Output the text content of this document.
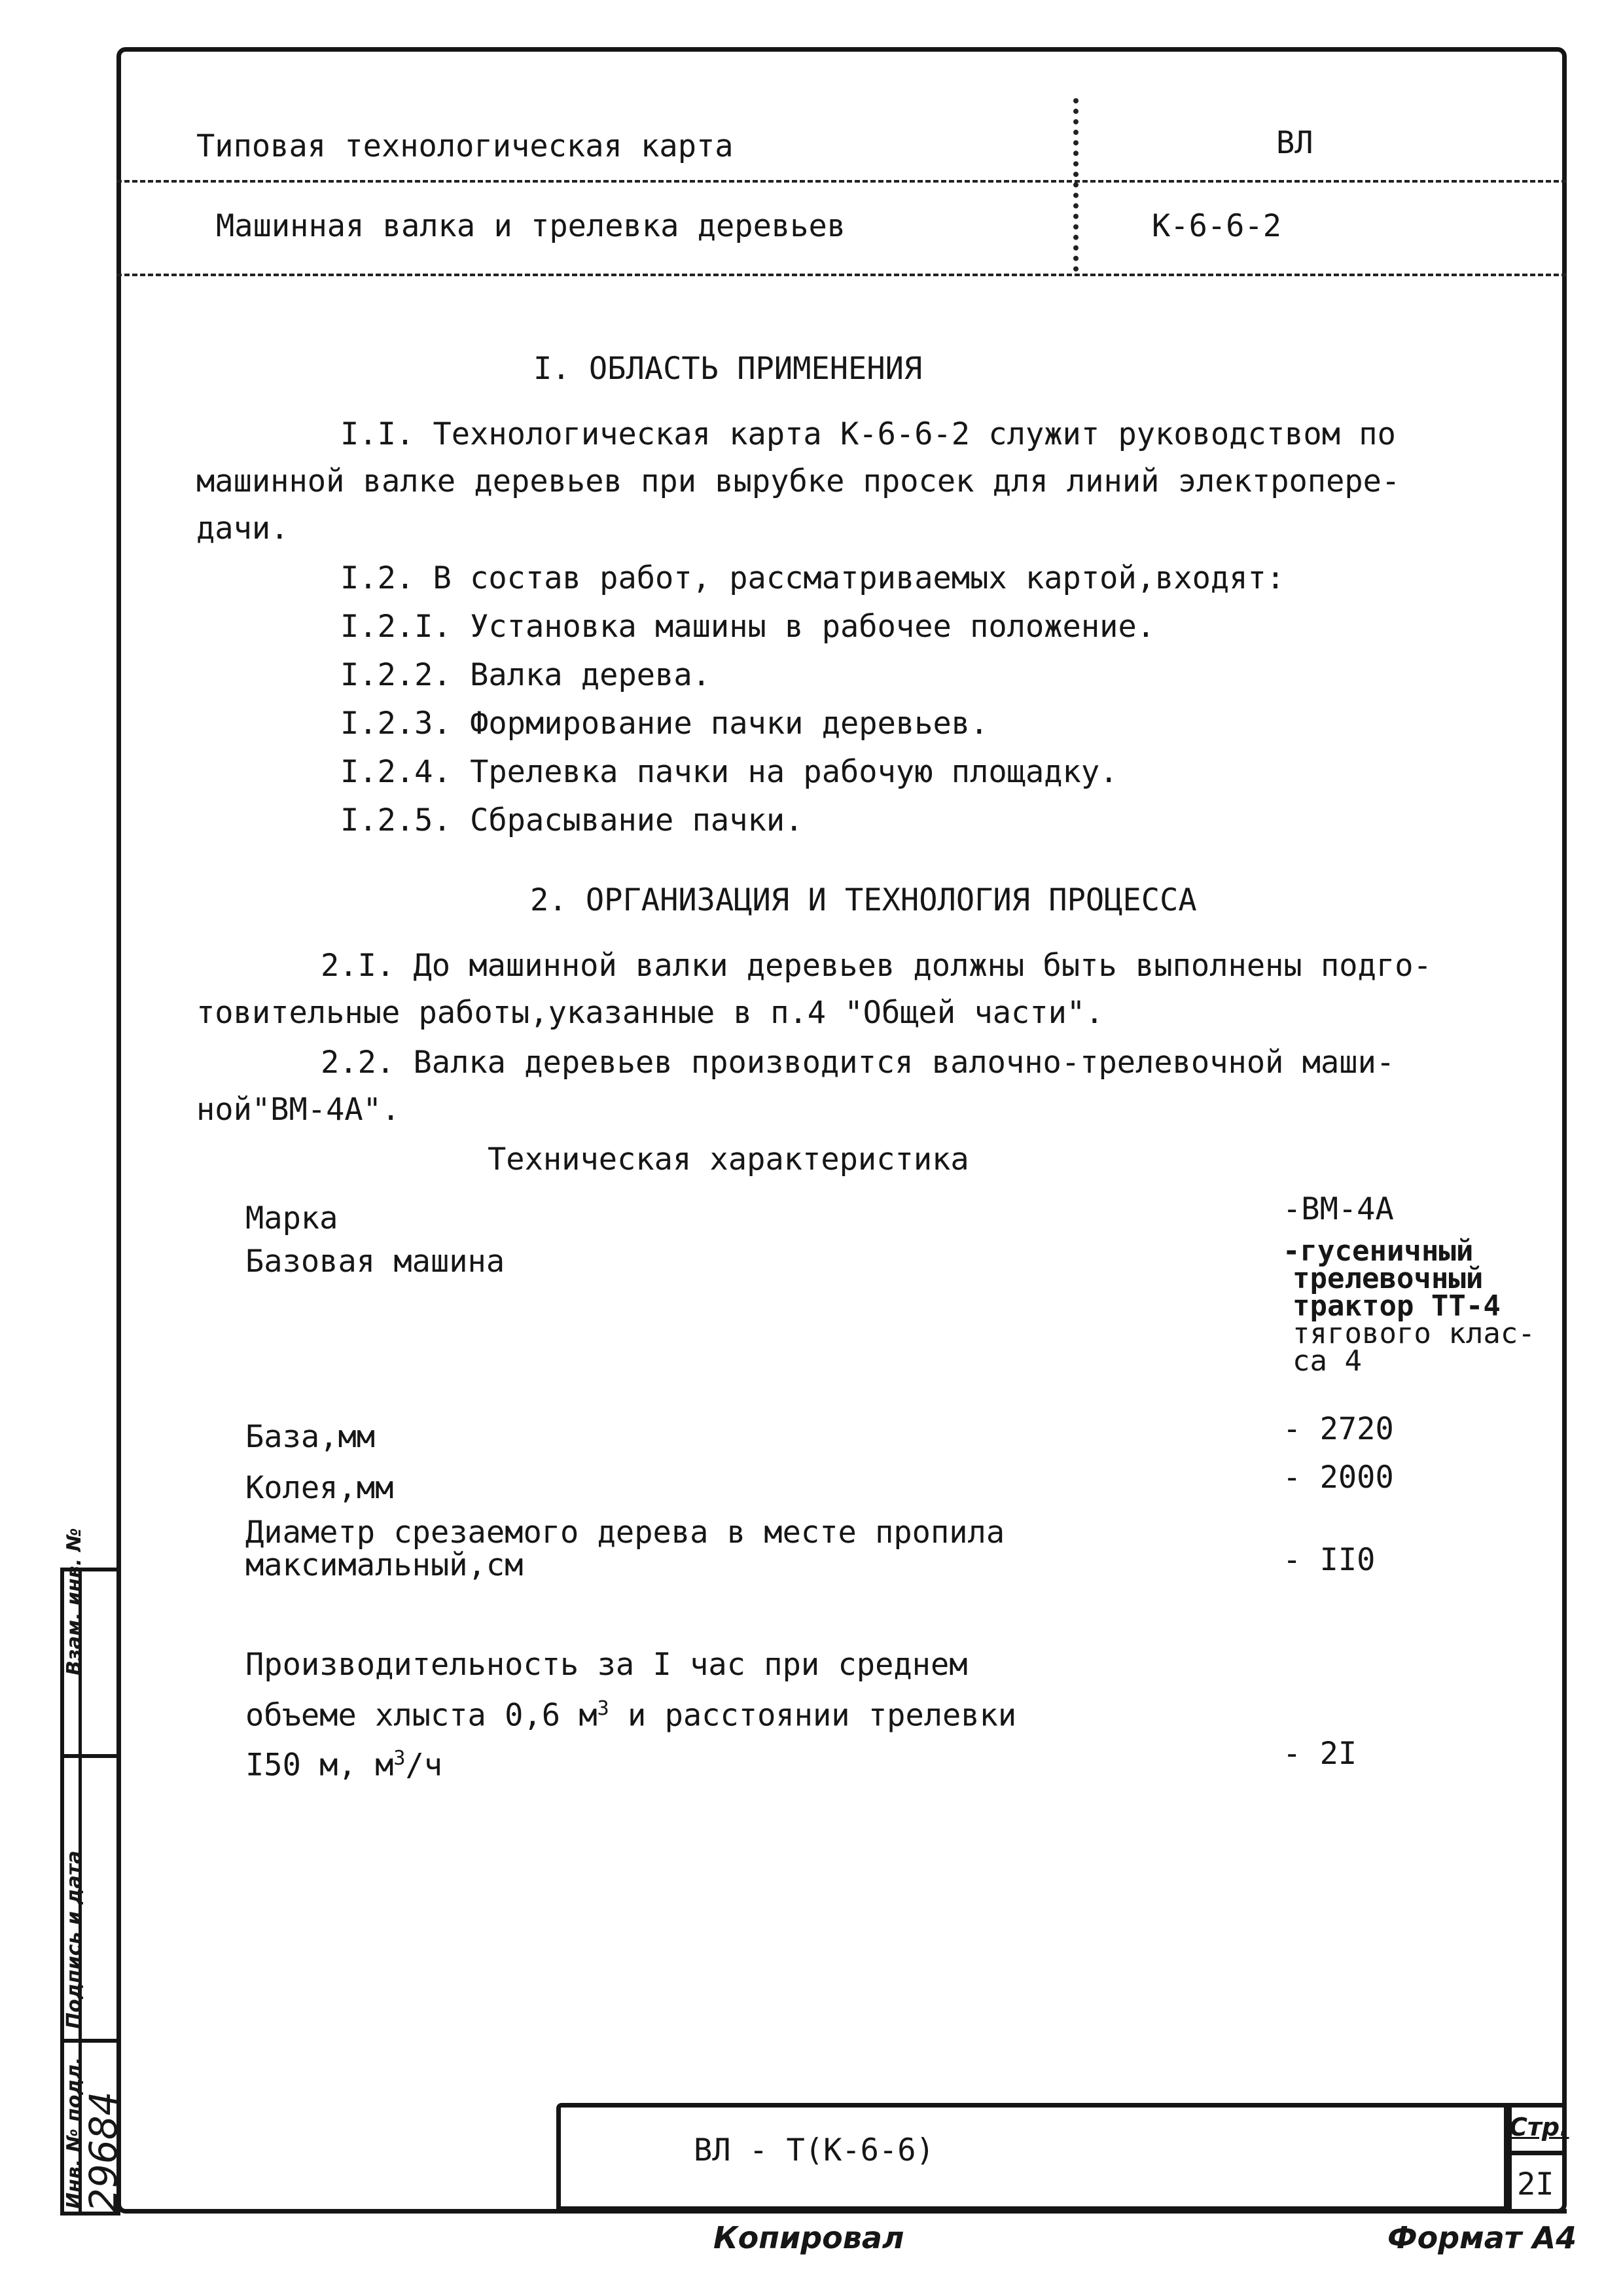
Типовая технологическая карта	ВЛ
Машинная валка и трелевка деревьев	К-6-6-2
I. ОБЛАСТЬ ПРИМЕНЕНИЯ
I.I. Технологическая карта К-6-6-2 служит руководством по
машинной валке деревьев при вырубке просек для линий электропере-
дачи.
I.2. В состав работ, рассматриваемых картой,входят:
I.2.I. Установка машины в рабочее положение.
I.2.2. Валка дерева.
I.2.3. Формирование пачки деревьев.
I.2.4. Трелевка пачки на рабочую площадку.
I.2.5. Сбрасывание пачки.
2. ОРГАНИЗАЦИЯ И ТЕХНОЛОГИЯ ПРОЦЕССА
2.I. До машинной валки деревьев должны быть выполнены подго-
товительные работы,указанные в п.4 "Общей части".
2.2. Валка деревьев производится валочно-трелевочной маши-
ной"ВМ-4А".
Техническая характеристика
Марка	-ВМ-4А
Базовая машина	-гусеничный
трелевочный
трактор ТТ-4
тягового клас-
са 4
База,мм	- 2720
Колея,мм	- 2000
Диаметр срезаемого дерева в месте пропила
максимальный,см	- II0
Производительность за I час при среднем
объеме хлыста 0,6 $м^3$ и расстоянии трелевки
I50 м, $м^3/ч$	- 2I
ВЛ - Т(К-6-6)
Стр.
2I
Взам. инв. №
Подпись и дата
Инв. № подл.
29684
Копировал	Формат А4
